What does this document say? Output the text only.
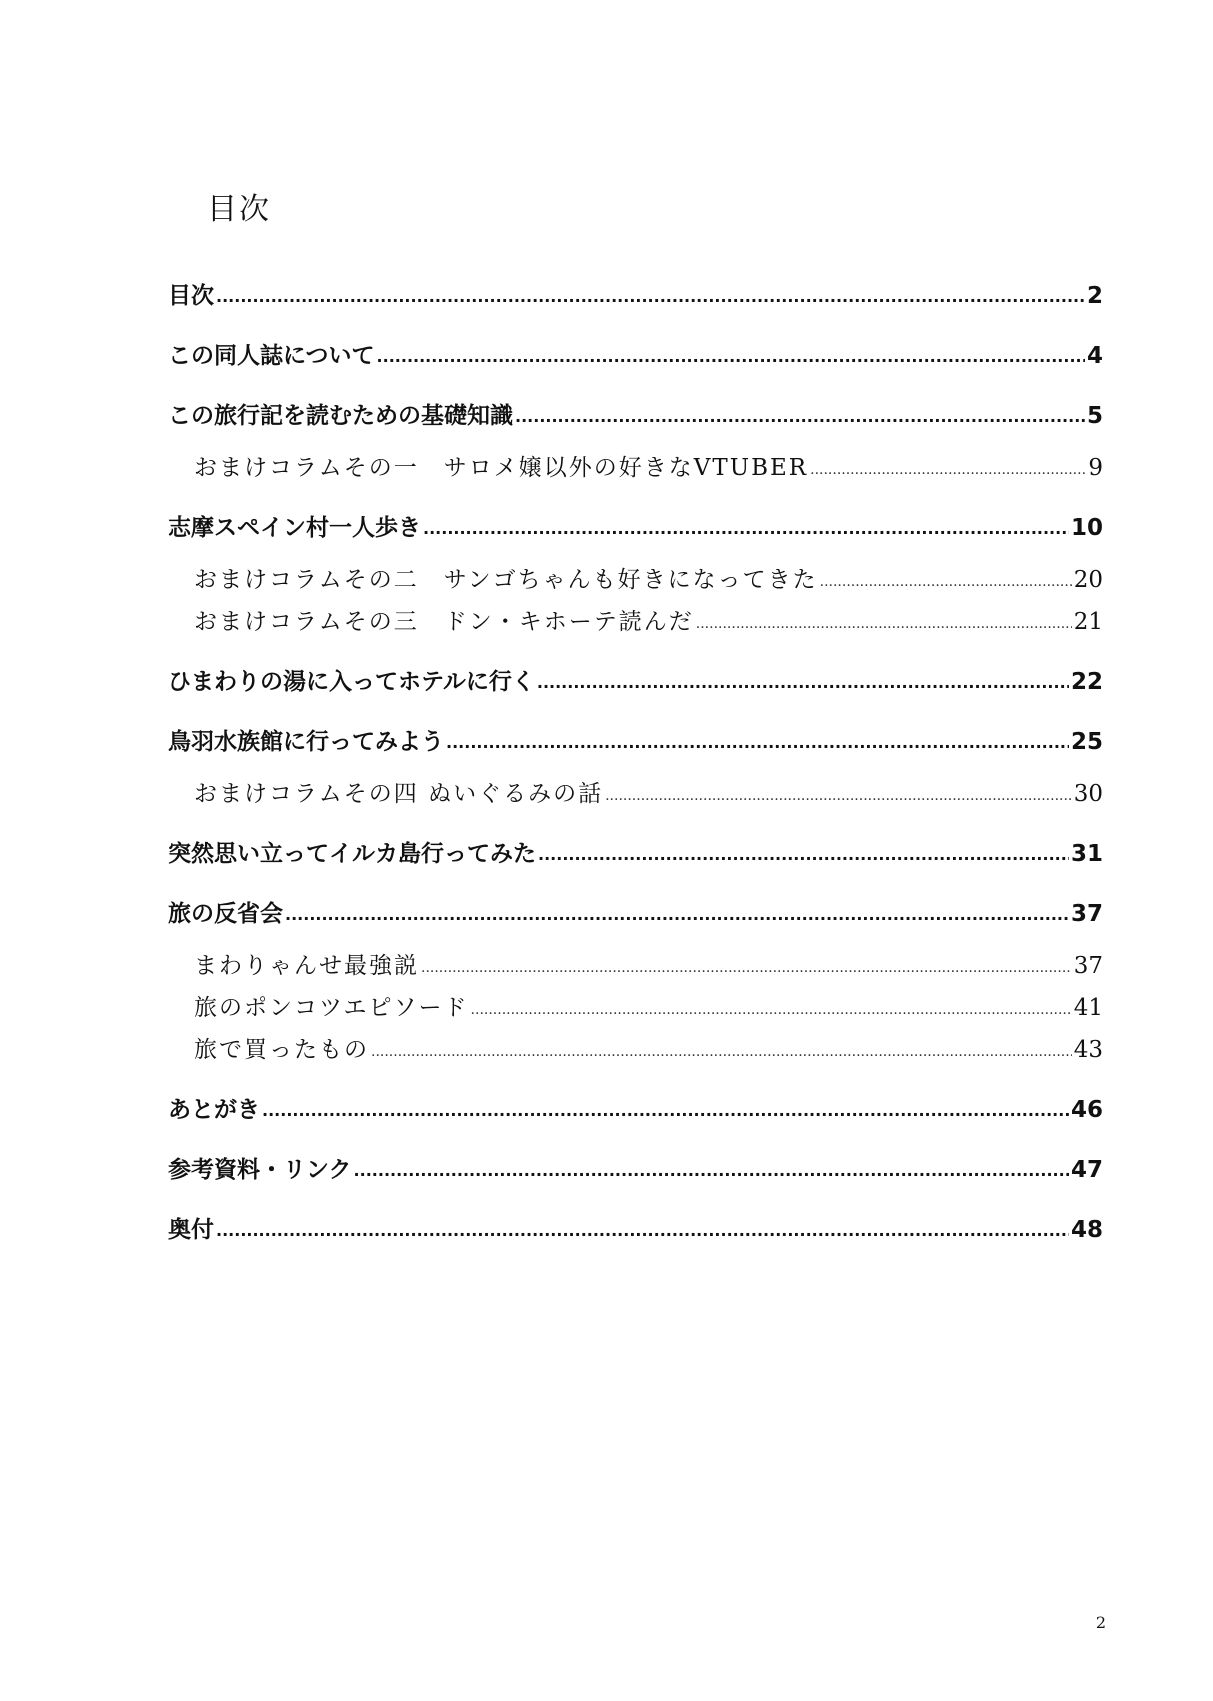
目次
目次 .....	2
この同人誌について .....	4
この旅行記を読むための基礎知識 .....	5
おまけコラムその一　サロメ嬢以外の好きなVTUBER .....	9
志摩スペイン村一人歩き .....	10
おまけコラムその二　サンゴちゃんも好きになってきた .....	20
おまけコラムその三　ドン・キホーテ読んだ .....	21
ひまわりの湯に入ってホテルに行く .....	22
鳥羽水族館に行ってみよう .....	25
おまけコラムその四 ぬいぐるみの話 .....	30
突然思い立ってイルカ島行ってみた .....	31
旅の反省会 .....	37
まわりゃんせ最強説 .....	37
旅のポンコツエピソード .....	41
旅で買ったもの .....	43
あとがき .....	46
参考資料・リンク .....	47
奥付 .....	48
2
